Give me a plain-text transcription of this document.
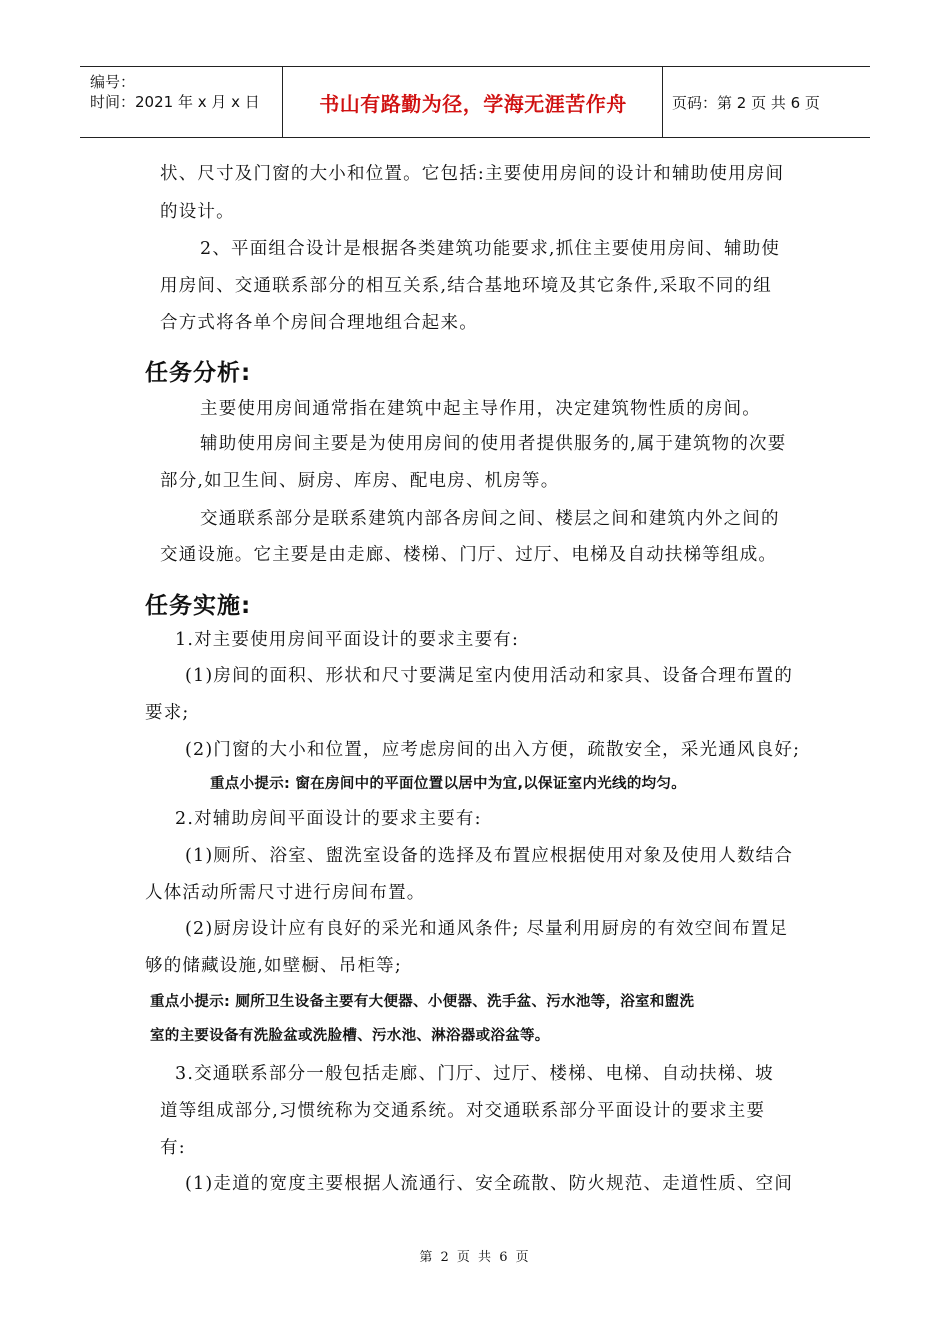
编号：
时间：2021 年 x 月 x 日	书山有路勤为径，学海无涯苦作舟	页码：第 2 页 共 6 页
状、尺寸及门窗的大小和位置。它包括:主要使用房间的设计和辅助使用房间
的设计。
2、平面组合设计是根据各类建筑功能要求,抓住主要使用房间、辅助使
用房间、交通联系部分的相互关系,结合基地环境及其它条件,采取不同的组
合方式将各单个房间合理地组合起来。
任务分析:
主要使用房间通常指在建筑中起主导作用，决定建筑物性质的房间。
辅助使用房间主要是为使用房间的使用者提供服务的,属于建筑物的次要
部分,如卫生间、厨房、库房、配电房、机房等。
交通联系部分是联系建筑内部各房间之间、楼层之间和建筑内外之间的
交通设施。它主要是由走廊、楼梯、门厅、过厅、电梯及自动扶梯等组成。
任务实施:
1.对主要使用房间平面设计的要求主要有:
(1)房间的面积、形状和尺寸要满足室内使用活动和家具、设备合理布置的
要求;
(2)门窗的大小和位置，应考虑房间的出入方便，疏散安全，采光通风良好;
重点小提示: 窗在房间中的平面位置以居中为宜,以保证室内光线的均匀。
2.对辅助房间平面设计的要求主要有:
(1)厕所、浴室、盥洗室设备的选择及布置应根据使用对象及使用人数结合
人体活动所需尺寸进行房间布置。
(2)厨房设计应有良好的采光和通风条件; 尽量利用厨房的有效空间布置足
够的储藏设施,如壁橱、吊柜等;
重点小提示: 厕所卫生设备主要有大便器、小便器、洗手盆、污水池等，浴室和盥洗
室的主要设备有洗脸盆或洗脸槽、污水池、淋浴器或浴盆等。
3.交通联系部分一般包括走廊、门厅、过厅、楼梯、电梯、自动扶梯、坡
道等组成部分,习惯统称为交通系统。对交通联系部分平面设计的要求主要
有:
(1)走道的宽度主要根据人流通行、安全疏散、防火规范、走道性质、空间
第 2 页 共 6 页
